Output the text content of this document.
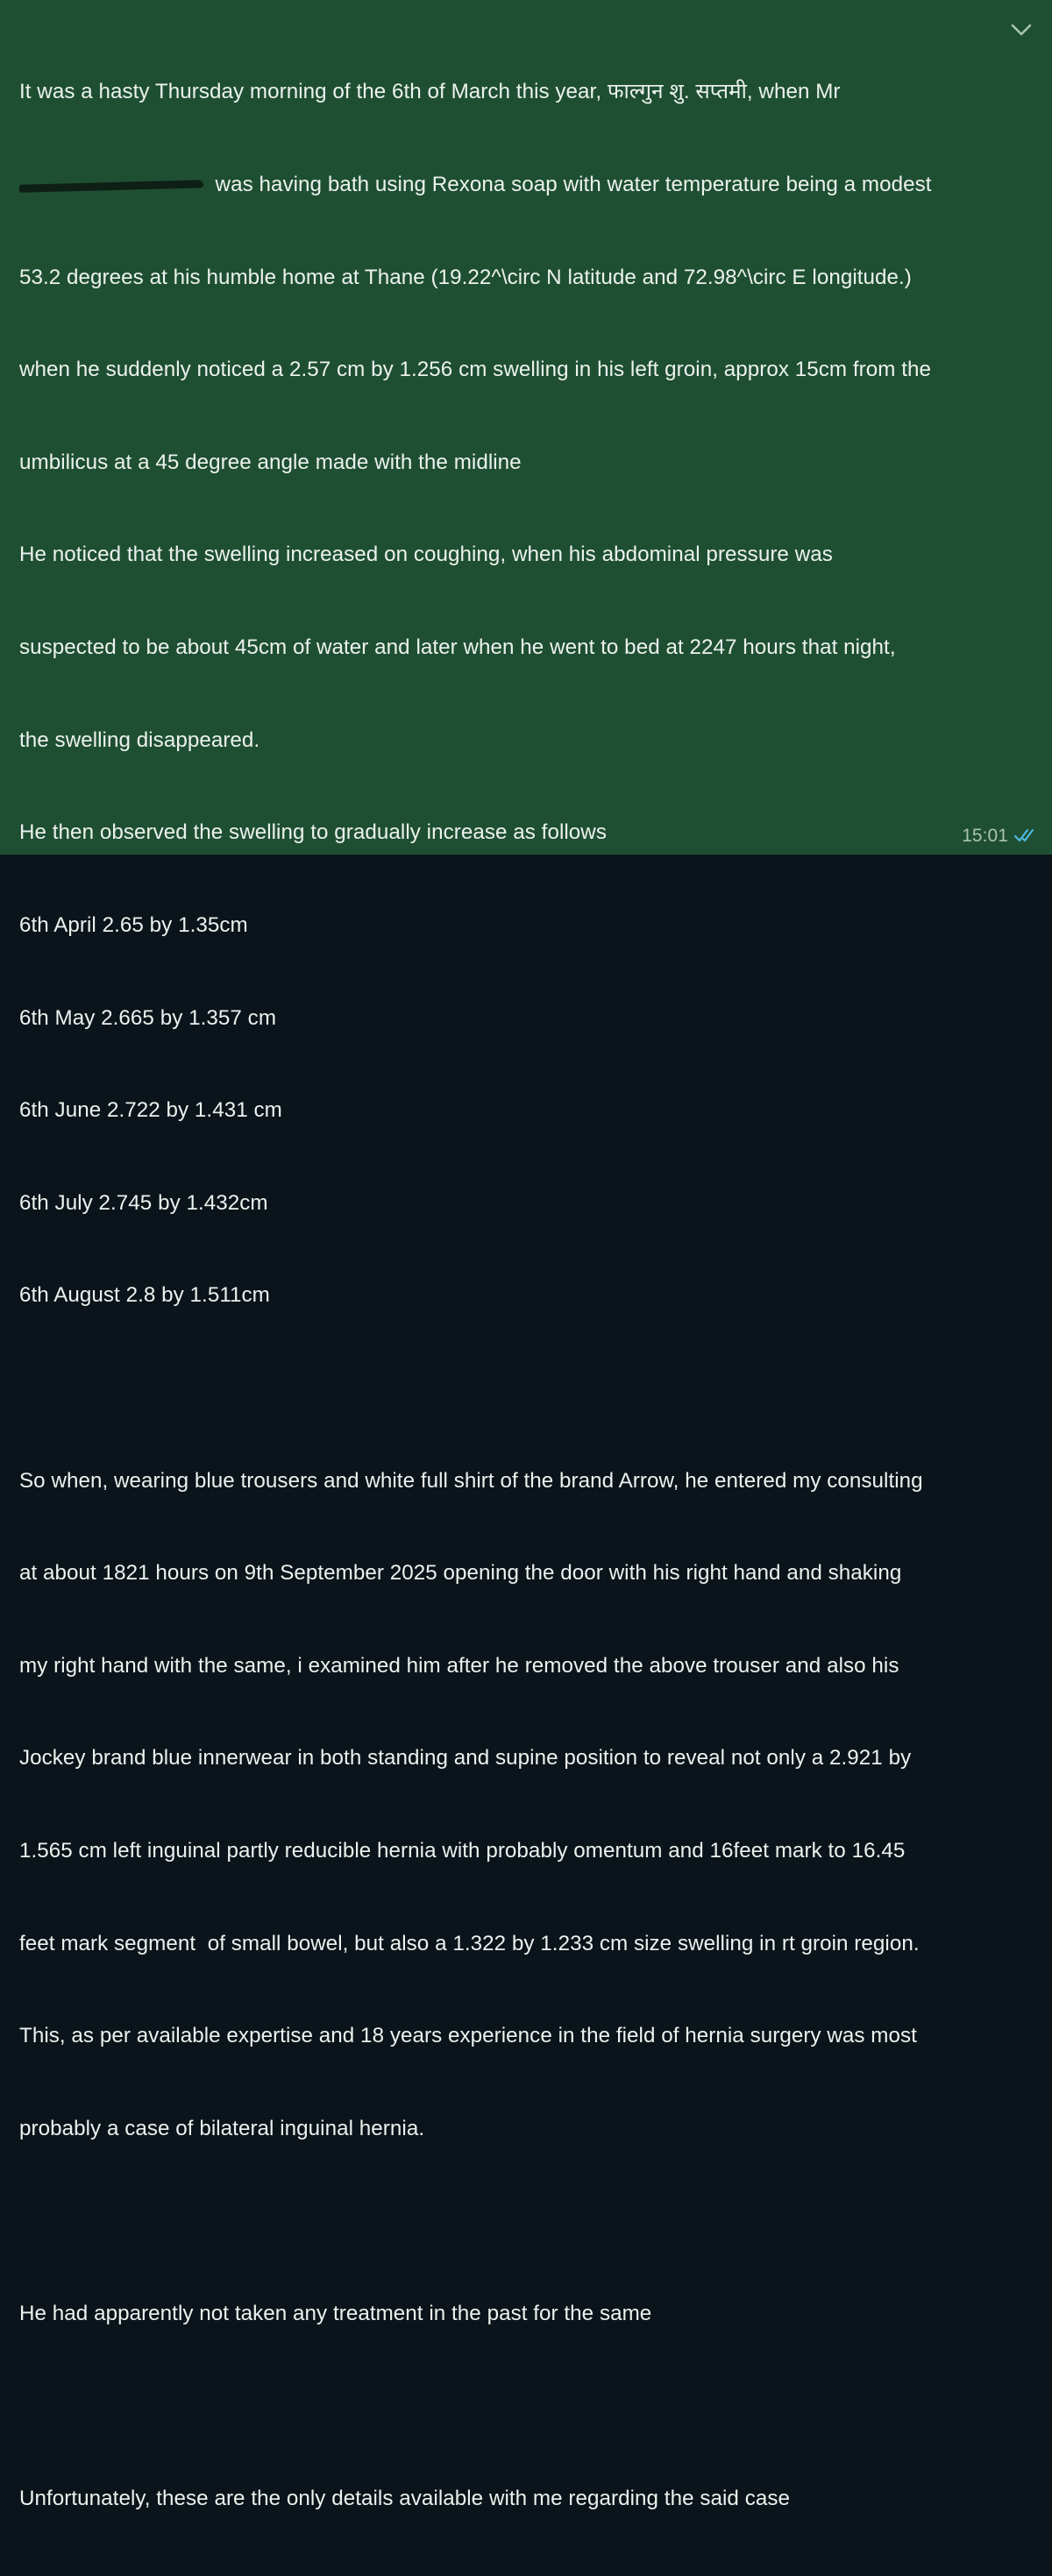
It was a hasty Thursday morning of the 6th of March this year, फाल्गुन शु. सप्तमी, when Mr

was having bath using Rexona soap with water temperature being a modest

53.2 degrees at his humble home at Thane (19.22^\circ N latitude and 72.98^\circ E longitude.)

when he suddenly noticed a 2.57 cm by 1.256 cm swelling in his left groin, approx 15cm from the

umbilicus at a 45 degree angle made with the midline

He noticed that the swelling increased on coughing, when his abdominal pressure was

suspected to be about 45cm of water and later when he went to bed at 2247 hours that night,

the swelling disappeared.

He then observed the swelling to gradually increase as follows

6th April 2.65 by 1.35cm

6th May 2.665 by 1.357 cm

6th June 2.722 by 1.431 cm

6th July 2.745 by 1.432cm

6th August 2.8 by 1.511cm

So when, wearing blue trousers and white full shirt of the brand Arrow, he entered my consulting

at about 1821 hours on 9th September 2025 opening the door with his right hand and shaking

my right hand with the same, i examined him after he removed the above trouser and also his

Jockey brand blue innerwear in both standing and supine position to reveal not only a 2.921 by

1.565 cm left inguinal partly reducible hernia with probably omentum and 16feet mark to 16.45

feet mark segment  of small bowel, but also a 1.322 by 1.233 cm size swelling in rt groin region.

This, as per available expertise and 18 years experience in the field of hernia surgery was most

probably a case of bilateral inguinal hernia.

He had apparently not taken any treatment in the past for the same

Unfortunately, these are the only details available with me regarding the said case

15:01
